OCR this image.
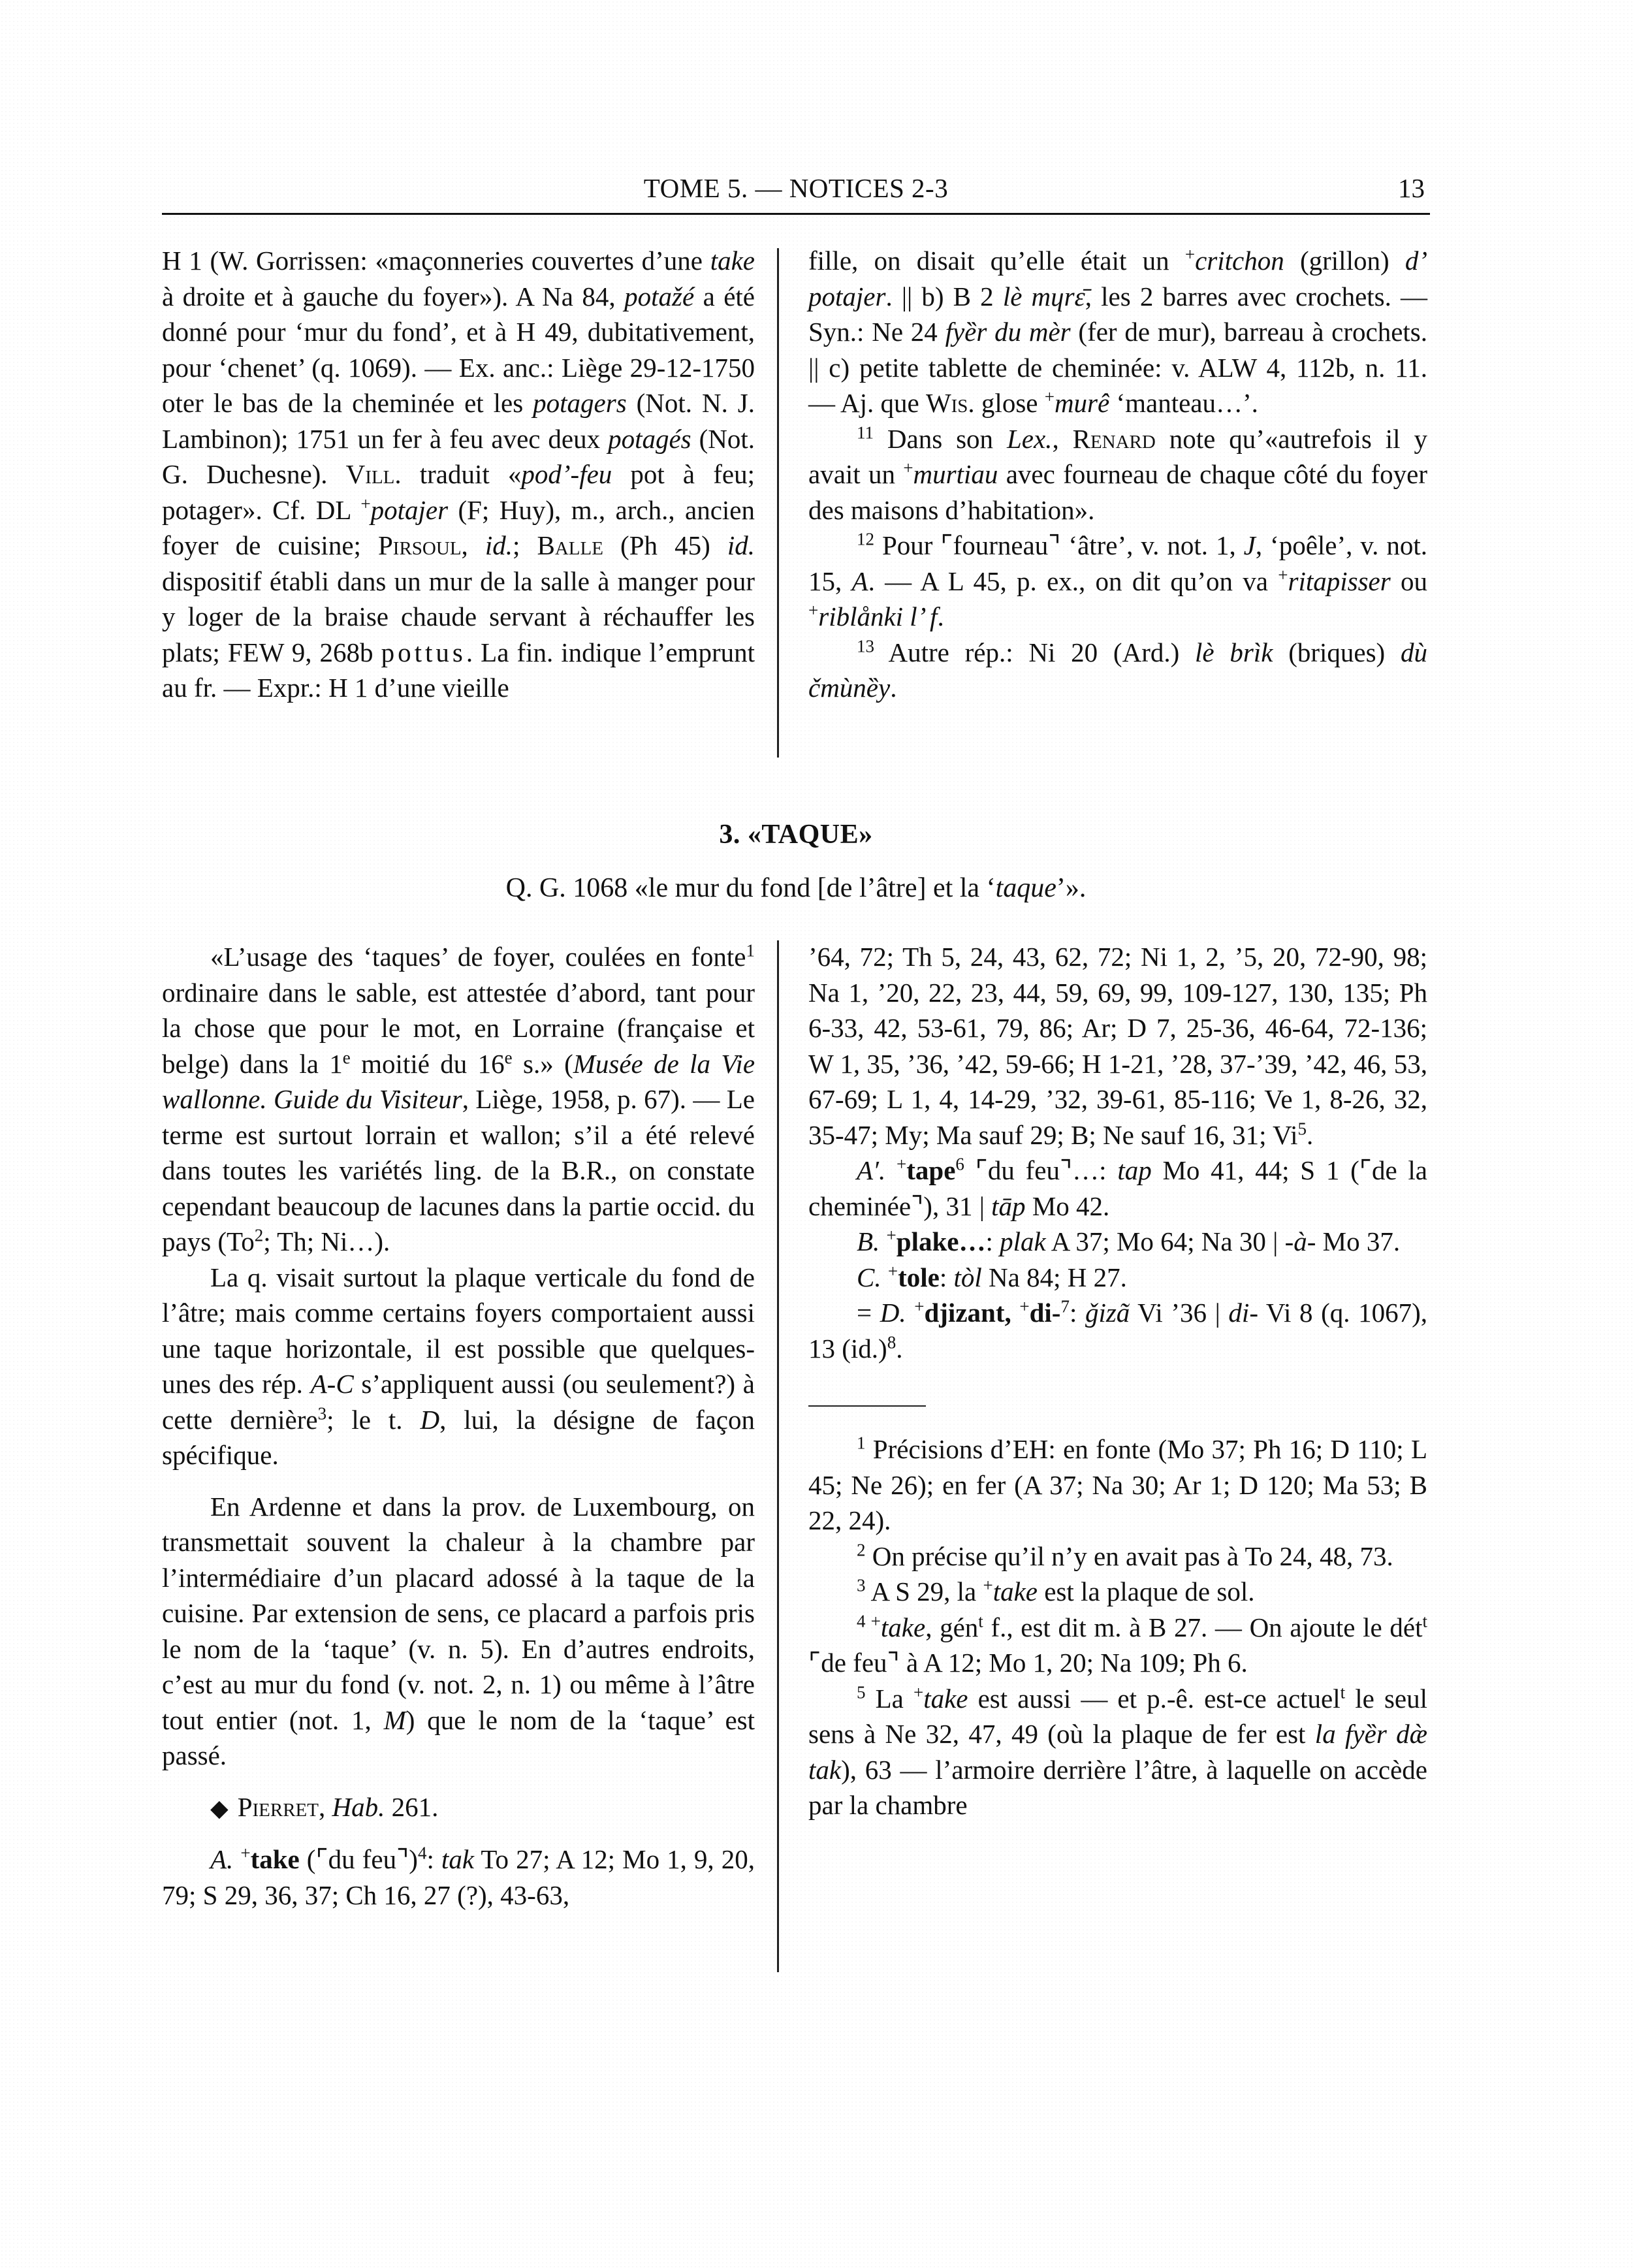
TOME 5. — NOTICES 2-3	13

H 1 (W. Gorrissen: «maçonneries couvertes d’une take à droite et à gauche du foyer»). A Na 84, potažé a été donné pour ‘mur du fond’, et à H 49, dubitativement, pour ‘chenet’ (q. 1069). — Ex. anc.: Liège 29-12-1750 oter le bas de la cheminée et les potagers (Not. N. J. Lambinon); 1751 un fer à feu avec deux potagés (Not. G. Duchesne). Vill. traduit «pod’-feu pot à feu; potager». Cf. DL +potajer (F; Huy), m., arch., ancien foyer de cuisine; Pirsoul, id.; Balle (Ph 45) id. dispositif établi dans un mur de la salle à manger pour y loger de la braise chaude servant à réchauffer les plats; FEW 9, 268b pottus. La fin. indique l’emprunt au fr. — Expr.: H 1 d’une vieille

fille, on disait qu’elle était un +critchon (grillon) d’ potajer. || b) B 2 lè mɥrɛ̄, les 2 barres avec crochets. — Syn.: Ne 24 fyȅr du mèr (fer de mur), barreau à crochets. || c) petite tablette de cheminée: v. ALW 4, 112b, n. 11. — Aj. que Wis. glose +murê ‘manteau…’.

$^{11}$ Dans son Lex., Renard note qu’«autrefois il y avait un +murtiau avec fourneau de chaque côté du foyer des maisons d’habitation».

$^{12}$ Pour ⌜fourneau⌝ ‘âtre’, v. not. 1, J, ‘poêle’, v. not. 15, A. — A L 45, p. ex., on dit qu’on va +ritapisser ou +riblånki l’ f.

$^{13}$ Autre rép.: Ni 20 (Ard.) lè brìk (briques) dù čmùnȅy.

3. «TAQUE»
Q. G. 1068 «le mur du fond [de l’âtre] et la ‘taque’».

«L’usage des ‘taques’ de foyer, coulées en fonte$^1$ ordinaire dans le sable, est attestée d’abord, tant pour la chose que pour le mot, en Lorraine (française et belge) dans la 1e moitié du 16e s.» (Musée de la Vie wallonne. Guide du Visiteur, Liège, 1958, p. 67). — Le terme est surtout lorrain et wallon; s’il a été relevé dans toutes les variétés ling. de la B.R., on constate cependant beaucoup de lacunes dans la partie occid. du pays (To$^2$; Th; Ni…).

La q. visait surtout la plaque verticale du fond de l’âtre; mais comme certains foyers comportaient aussi une taque horizontale, il est possible que quelques-unes des rép. A-C s’appliquent aussi (ou seulement?) à cette dernière$^3$; le t. D, lui, la désigne de façon spécifique.

En Ardenne et dans la prov. de Luxembourg, on transmettait souvent la chaleur à la chambre par l’intermédiaire d’un placard adossé à la taque de la cuisine. Par extension de sens, ce placard a parfois pris le nom de la ‘taque’ (v. n. 5). En d’autres endroits, c’est au mur du fond (v. not. 2, n. 1) ou même à l’âtre tout entier (not. 1, M) que le nom de la ‘taque’ est passé.

◆ Pierret, Hab. 261.

A. +take (⌜du feu⌝)$^4$: tak To 27; A 12; Mo 1, 9, 20, 79; S 29, 36, 37; Ch 16, 27 (?), 43-63,

’64, 72; Th 5, 24, 43, 62, 72; Ni 1, 2, ’5, 20, 72-90, 98; Na 1, ’20, 22, 23, 44, 59, 69, 99, 109-127, 130, 135; Ph 6-33, 42, 53-61, 79, 86; Ar; D 7, 25-36, 46-64, 72-136; W 1, 35, ’36, ’42, 59-66; H 1-21, ’28, 37-’39, ’42, 46, 53, 67-69; L 1, 4, 14-29, ’32, 39-61, 85-116; Ve 1, 8-26, 32, 35-47; My; Ma sauf 29; B; Ne sauf 16, 31; Vi$^5$.

A′. +tape$^6$ ⌜du feu⌝…: tap Mo 41, 44; S 1 (⌜de la cheminée⌝), 31 | tāp Mo 42.

B. +plake…: plak A 37; Mo 64; Na 30 | -à- Mo 37.

C. +tole: tòl Na 84; H 27.

= D. +djizant, +di-$^7$: ǧizã Vi ’36 | di- Vi 8 (q. 1067), 13 $(id.)^8$.

$^1$ Précisions d’EH: en fonte (Mo 37; Ph 16; D 110; L 45; Ne 26); en fer (A 37; Na 30; Ar 1; D 120; Ma 53; B 22, 24).

$^2$ On précise qu’il n’y en avait pas à To 24, 48, 73.

$^3$ A S 29, la +take est la plaque de sol.

$^4$ +take, gén$^t$ f., est dit m. à B 27. — On ajoute le dét$^t$ ⌜de feu⌝ à A 12; Mo 1, 20; Na 109; Ph 6.

$^5$ La +take est aussi — et p.-ê. est-ce actuel$^t$ le seul sens à Ne 32, 47, 49 (où la plaque de fer est la fyȅr dæ̀ tak), 63 — l’armoire derrière l’âtre, à laquelle on accède par la chambre
